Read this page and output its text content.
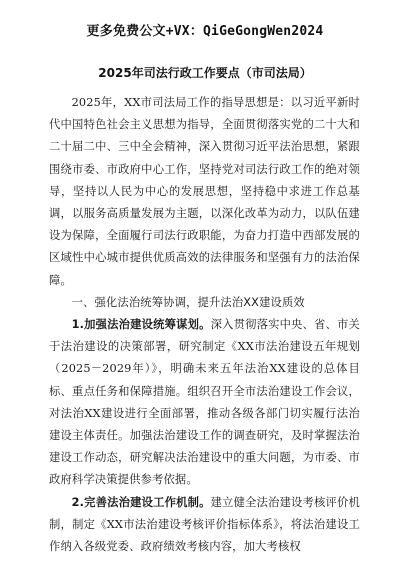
更多免费公文+VX：QiGeGongWen2024
2025年司法行政工作要点（市司法局）

2025年，XX市司法局工作的指导思想是：以习近平新时代中国特色社会主义思想为指导，全面贯彻落实党的二十大和二十届二中、三中全会精神，深入贯彻习近平法治思想，紧跟围绕市委、市政府中心工作，坚持党对司法行政工作的绝对领导，坚持以人民为中心的发展思想，坚持稳中求进工作总基调，以服务高质量发展为主题，以深化改革为动力，以队伍建设为保障，全面履行司法行政职能，为奋力打造中西部发展的区域性中心城市提供优质高效的法律服务和坚强有力的法治保障。

一、强化法治统筹协调，提升法治XX建设质效

1.加强法治建设统筹谋划。深入贯彻落实中央、省、市关于法治建设的决策部署，研究制定《XX市法治建设五年规划（2025－2029年）》，明确未来五年法治XX建设的总体目标、重点任务和保障措施。组织召开全市法治建设工作会议，对法治XX建设进行全面部署，推动各级各部门切实履行法治建设主体责任。加强法治建设工作的调查研究，及时掌握法治建设工作动态，研究解决法治建设中的重大问题，为市委、市政府科学决策提供参考依据。

2.完善法治建设工作机制。建立健全法治建设考核评价机制，制定《XX市法治建设考核评价指标体系》，将法治建设工作纳入各级党委、政府绩效考核内容，加大考核权
